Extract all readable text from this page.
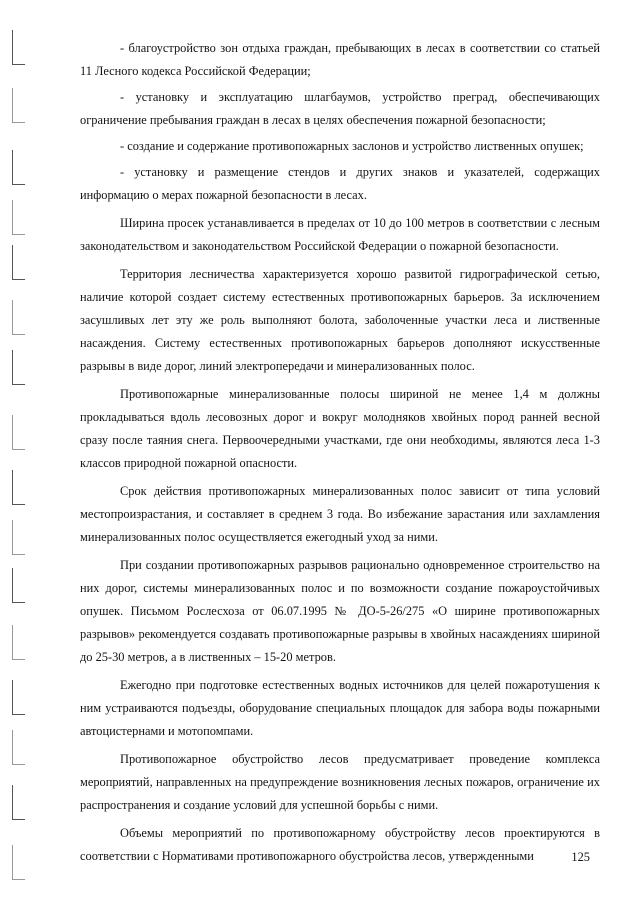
- благоустройство зон отдыха граждан, пребывающих в лесах в соответствии со статьей 11 Лесного кодекса Российской Федерации;

- установку и эксплуатацию шлагбаумов, устройство преград, обеспечивающих ограничение пребывания граждан в лесах в целях обеспечения пожарной безопасности;

- создание и содержание противопожарных заслонов и устройство лиственных опушек;

- установку и размещение стендов и других знаков и указателей, содержащих информацию о мерах пожарной безопасности в лесах.

Ширина просек устанавливается в пределах от 10 до 100 метров в соответствии с лесным законодательством и законодательством Российской Федерации о пожарной безопасности.

Территория лесничества характеризуется хорошо развитой гидрографической сетью, наличие которой создает систему естественных противопожарных барьеров. За исключением засушливых лет эту же роль выполняют болота, заболоченные участки леса и лиственные насаждения. Систему естественных противопожарных барьеров дополняют искусственные разрывы в виде дорог, линий электропередачи и минерализованных полос.

Противопожарные минерализованные полосы шириной не менее 1,4 м должны прокладываться вдоль лесовозных дорог и вокруг молодняков хвойных пород ранней весной сразу после таяния снега. Первоочередными участками, где они необходимы, являются леса 1-3 классов природной пожарной опасности.

Срок действия противопожарных минерализованных полос зависит от типа условий местопроизрастания, и составляет в среднем 3 года. Во избежание зарастания или захламления минерализованных полос осуществляется ежегодный уход за ними.

При создании противопожарных разрывов рационально одновременное строительство на них дорог, системы минерализованных полос и по возможности создание пожароустойчивых опушек. Письмом Рослесхоза от 06.07.1995 № ДО-5-26/275 «О ширине противопожарных разрывов» рекомендуется создавать противопожарные разрывы в хвойных насаждениях шириной до 25-30 метров, а в лиственных – 15-20 метров.

Ежегодно при подготовке естественных водных источников для целей пожаротушения к ним устраиваются подъезды, оборудование специальных площадок для забора воды пожарными автоцистернами и мотопомпами.

Противопожарное обустройство лесов предусматривает проведение комплекса мероприятий, направленных на предупреждение возникновения лесных пожаров, ограничение их распространения и создание условий для успешной борьбы с ними.

Объемы мероприятий по противопожарному обустройству лесов проектируются в соответствии с Нормативами противопожарного обустройства лесов, утвержденными	125
